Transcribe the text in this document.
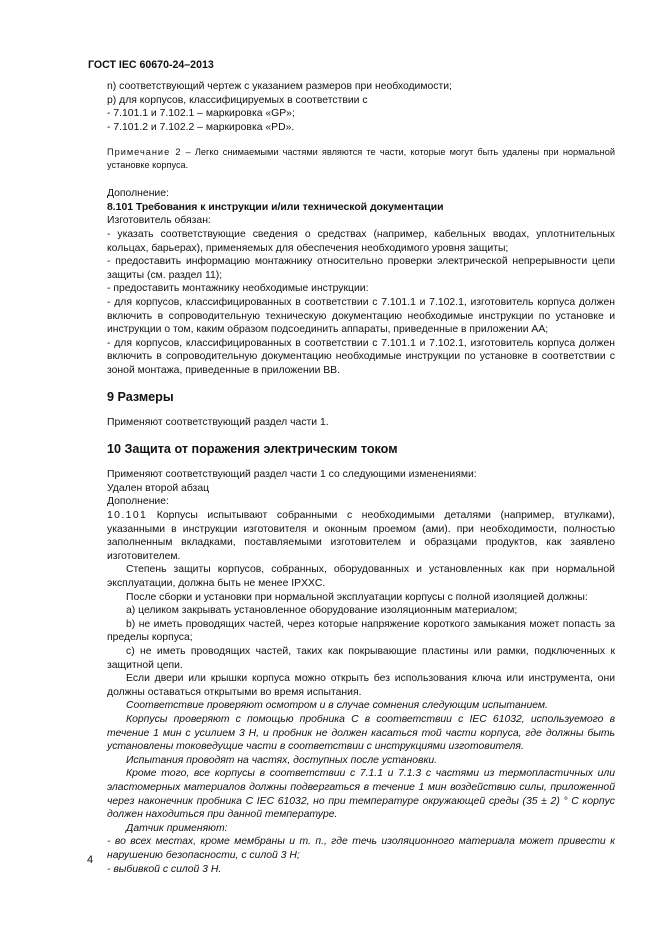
ГОСТ IEC 60670-24–2013

n) соответствующий чертеж с указанием размеров при необходимости;

р) для корпусов, классифицируемых в соответствии с

- 7.101.1 и 7.102.1 – маркировка «GP»;

- 7.101.2 и 7.102.2 – маркировка «PD».

Примечание 2 – Легко снимаемыми частями являются те части, которые могут быть удалены при нормальной установке корпуса.

Дополнение:

8.101 Требования к инструкции и/или технической документации

Изготовитель обязан:

- указать соответствующие сведения о средствах (например, кабельных вводах, уплотнительных кольцах, барьерах), применяемых для обеспечения необходимого уровня защиты;

- предоставить информацию монтажнику относительно проверки электрической непрерывности цепи защиты (см. раздел 11);

- предоставить монтажнику необходимые инструкции:

- для корпусов, классифицированных в соответствии с 7.101.1 и 7.102.1, изготовитель корпуса должен включить в сопроводительную техническую документацию необходимые инструкции по установке и инструкции о том, каким образом подсоединить аппараты, приведенные в приложении АА;

- для корпусов, классифицированных в соответствии с 7.101.1 и 7.102.1, изготовитель корпуса должен включить в сопроводительную документацию необходимые инструкции по установке в соответствии с зоной монтажа, приведенные в приложении ВВ.

9 Размеры

Применяют соответствующий раздел части 1.

10 Защита от поражения электрическим током

Применяют соответствующий раздел части 1 со следующими изменениями:

Удален второй абзац

Дополнение:

10.101 Корпусы испытывают собранными с необходимыми деталями (например, втулками), указанными в инструкции изготовителя и оконным проемом (ами). при необходимости, полностью заполненным вкладками, поставляемыми изготовителем и образцами продуктов, как заявлено изготовителем.

Степень защиты корпусов, собранных, оборудованных и установленных как при нормальной эксплуатации, должна быть не менее IPXXC.

После сборки и установки при нормальной эксплуатации корпусы с полной изоляцией должны:

а) целиком закрывать установленное оборудование изоляционным материалом;

b) не иметь проводящих частей, через которые напряжение короткого замыкания может попасть за пределы корпуса;

с) не иметь проводящих частей, таких как покрывающие пластины или рамки, подключенных к защитной цепи.

Если двери или крышки корпуса можно открыть без использования ключа или инструмента, они должны оставаться открытыми во время испытания.

Соответствие проверяют осмотром и в случае сомнения следующим испытанием.

Корпусы проверяют с помощью пробника С в соответствии с IEC 61032, используемого в течение 1 мин с усилием 3 Н, и пробник не должен касаться той части корпуса, где должны быть установлены токоведущие части в соответствии с инструкциями изготовителя.

Испытания проводят на частях, доступных после установки.

Кроме того, все корпусы в соответствии с 7.1.1 и 7.1.3 с частями из термопластичных или эластомерных материалов должны подвергаться в течение 1 мин воздействию силы, приложенной через наконечник пробника С IEC 61032, но при температуре окружающей среды (35 ± 2) ° С корпус должен находиться при данной температуре.

Датчик применяют:

- во всех местах, кроме мембраны и т. п., где течь изоляционного материала может привести к нарушению безопасности, с силой 3 Н;

- выбивкой с силой 3 Н.

4
